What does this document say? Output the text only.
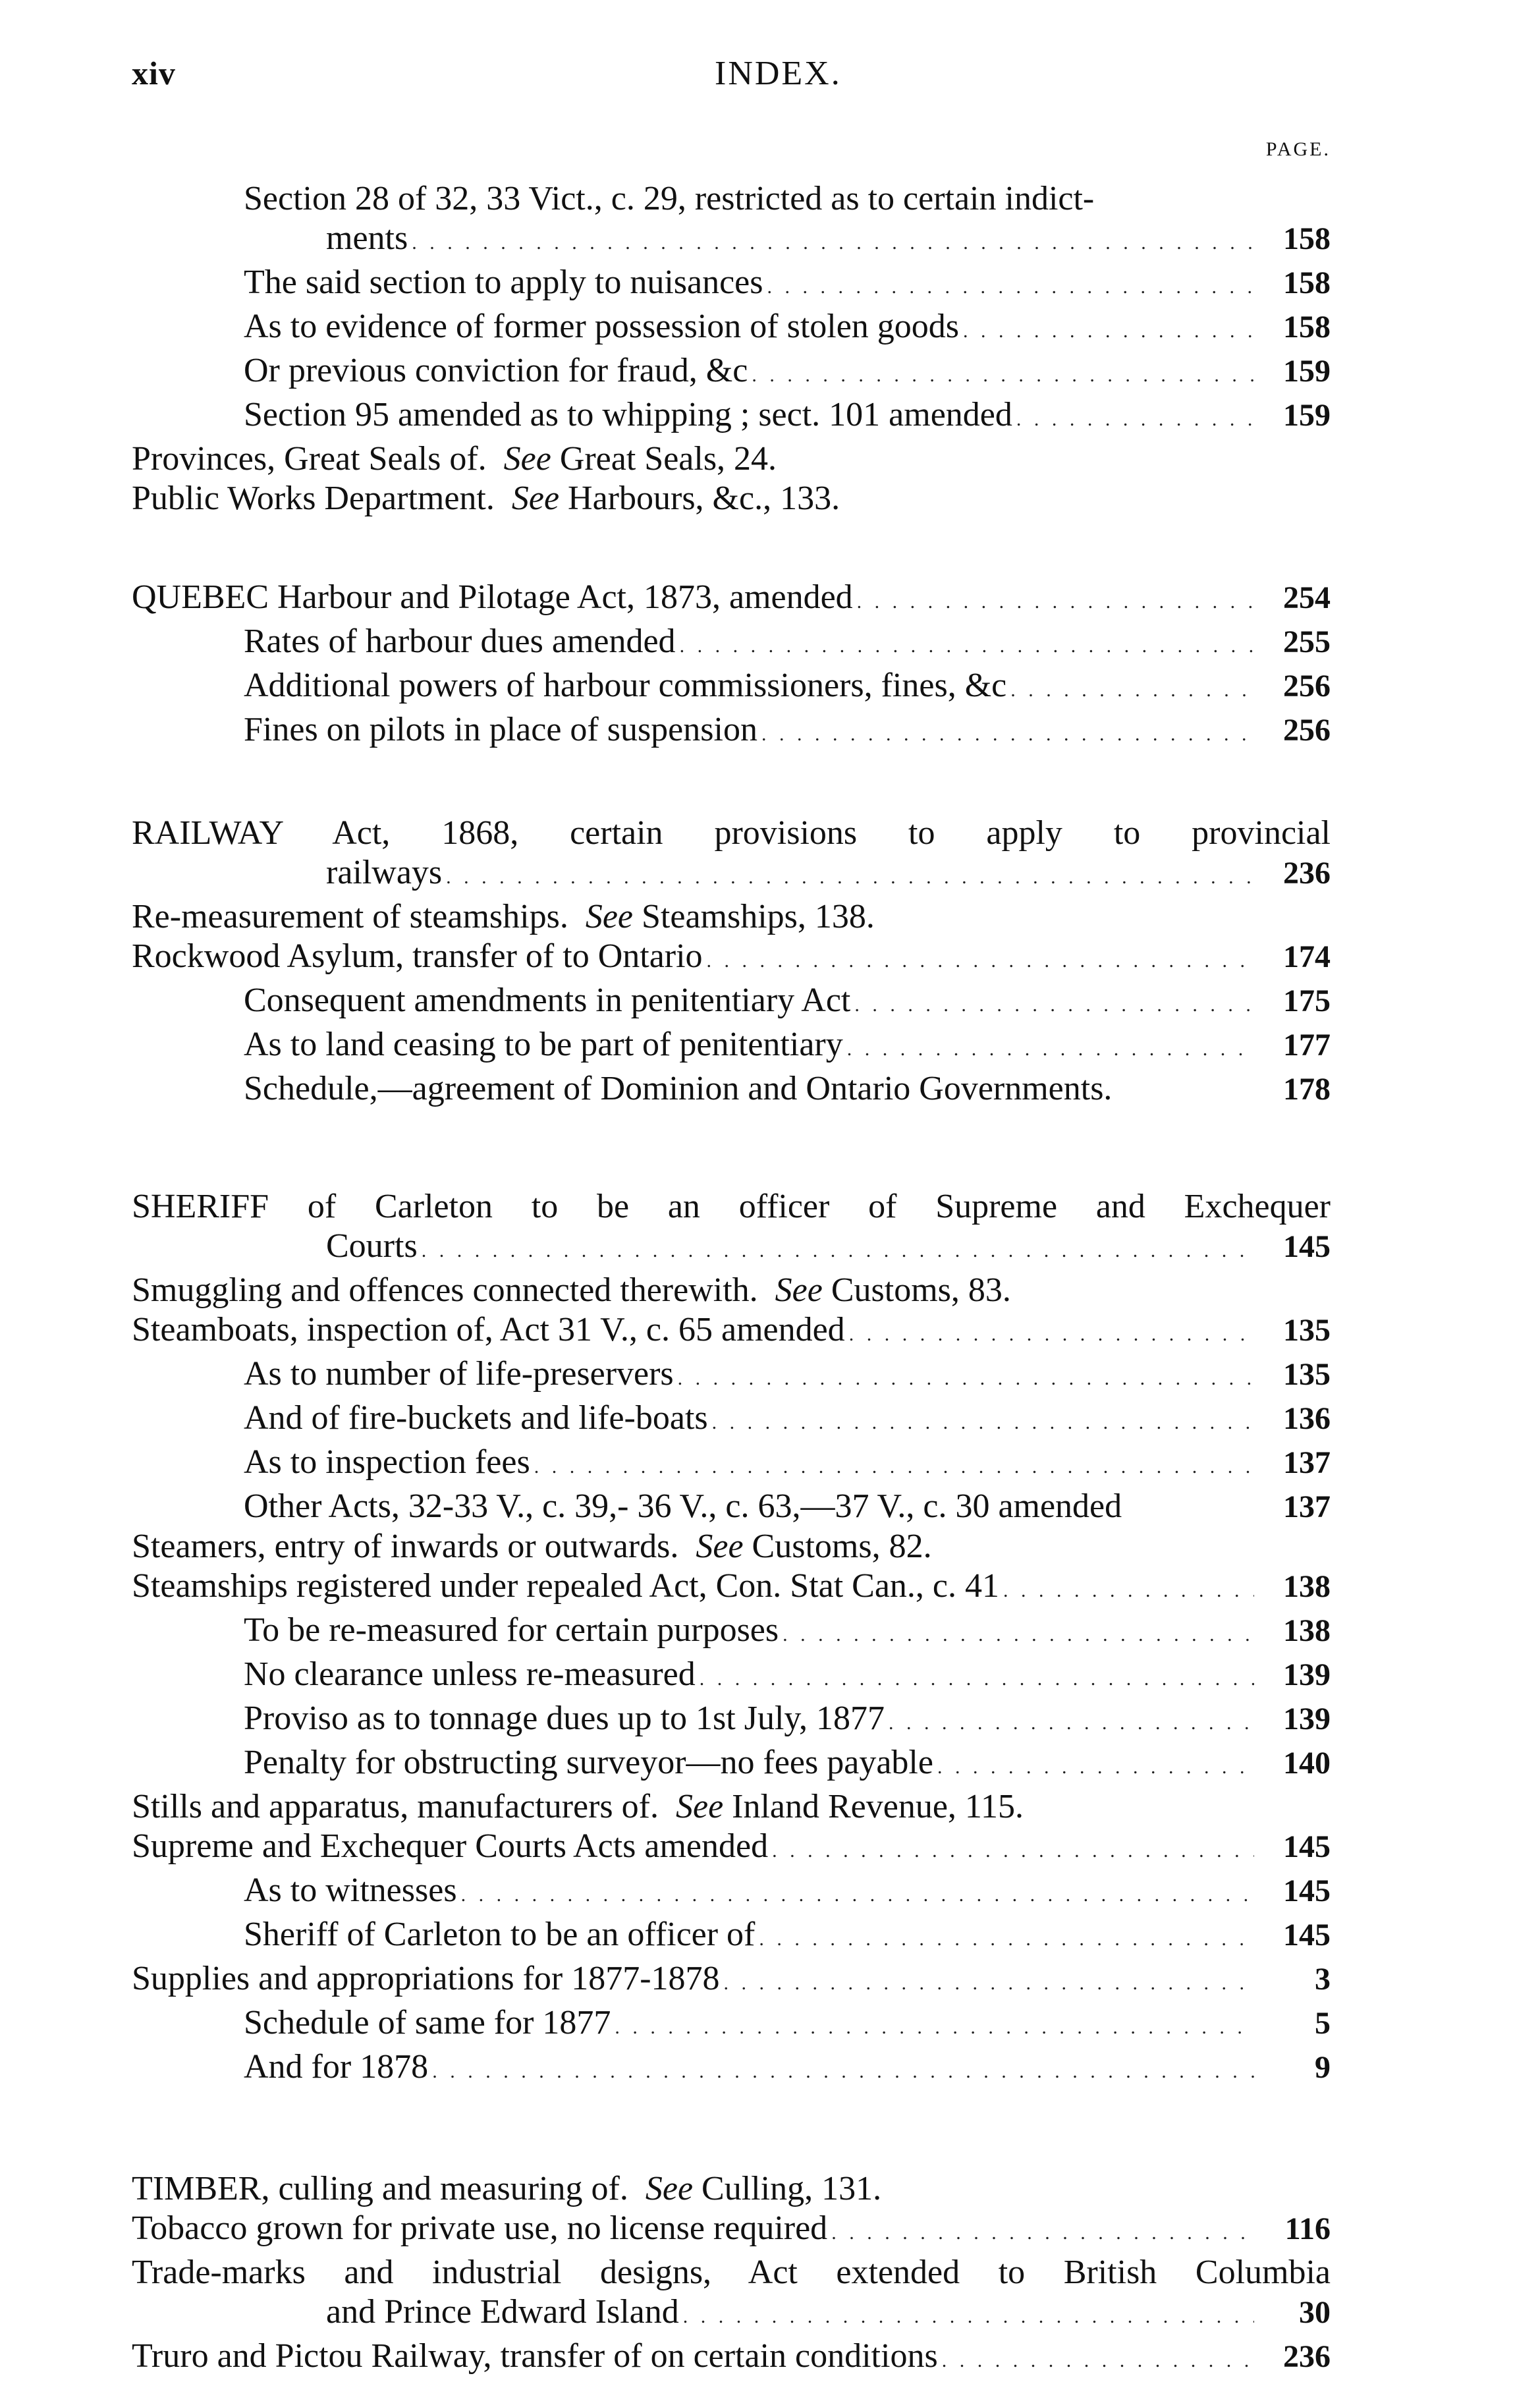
xiv	INDEX.
PAGE.
Section 28 of 32, 33 Vict., c. 29, restricted as to certain indict-
ments . . .	158
The said section to apply to nuisances . . .	158
As to evidence of former possession of stolen goods . . .	158
Or previous conviction for fraud, &c . . .	159
Section 95 amended as to whipping ; sect. 101 amended . . .	159
Provinces, Great Seals of.
See Great Seals, 24.
Public Works Department.
See Harbours, &c., 133.
QUEBEC Harbour and Pilotage Act, 1873, amended . . .	254
Rates of harbour dues amended . . .	255
Additional powers of harbour commissioners, fines, &c . . .	256
Fines on pilots in place of suspension . . .	256
RAILWAY Act, 1868, certain provisions to apply to provincial
railways . . .	236
Re-measurement of steamships.
See Steamships, 138.
Rockwood Asylum, transfer of to Ontario . . .	174
Consequent amendments in penitentiary Act . . .	175
As to land ceasing to be part of penitentiary . . .	177
Schedule,—agreement of Dominion and Ontario Governments.	178
SHERIFF of Carleton to be an officer of Supreme and Exchequer
Courts . . .	145
Smuggling and offences connected therewith.
See Customs, 83.
Steamboats, inspection of, Act 31 V., c. 65 amended . . .	135
As to number of life-preservers . . .	135
And of fire-buckets and life-boats . . .	136
As to inspection fees . . .	137
Other Acts, 32-33 V., c. 39,- 36 V., c. 63,—37 V., c. 30 amended	137
Steamers, entry of inwards or outwards.
See Customs, 82.
Steamships registered under repealed Act, Con. Stat Can., c. 41 . . .	138
To be re-measured for certain purposes . . .	138
No clearance unless re-measured . . .	139
Proviso as to tonnage dues up to 1st July, 1877 . . .	139
Penalty for obstructing surveyor—no fees payable . . .	140
Stills and apparatus, manufacturers of.
See Inland Revenue, 115.
Supreme and Exchequer Courts Acts amended . . .	145
As to witnesses . . .	145
Sheriff of Carleton to be an officer of . . .	145
Supplies and appropriations for 1877-1878 . . .	3
Schedule of same for 1877 . . .	5
And for 1878 . . .	9
TIMBER, culling and measuring of.
See Culling, 131.
Tobacco grown for private use, no license required . . .	116
Trade-marks and industrial designs, Act extended to British Columbia
and Prince Edward Island . . .	30
Truro and Pictou Railway, transfer of on certain conditions . . .	236
